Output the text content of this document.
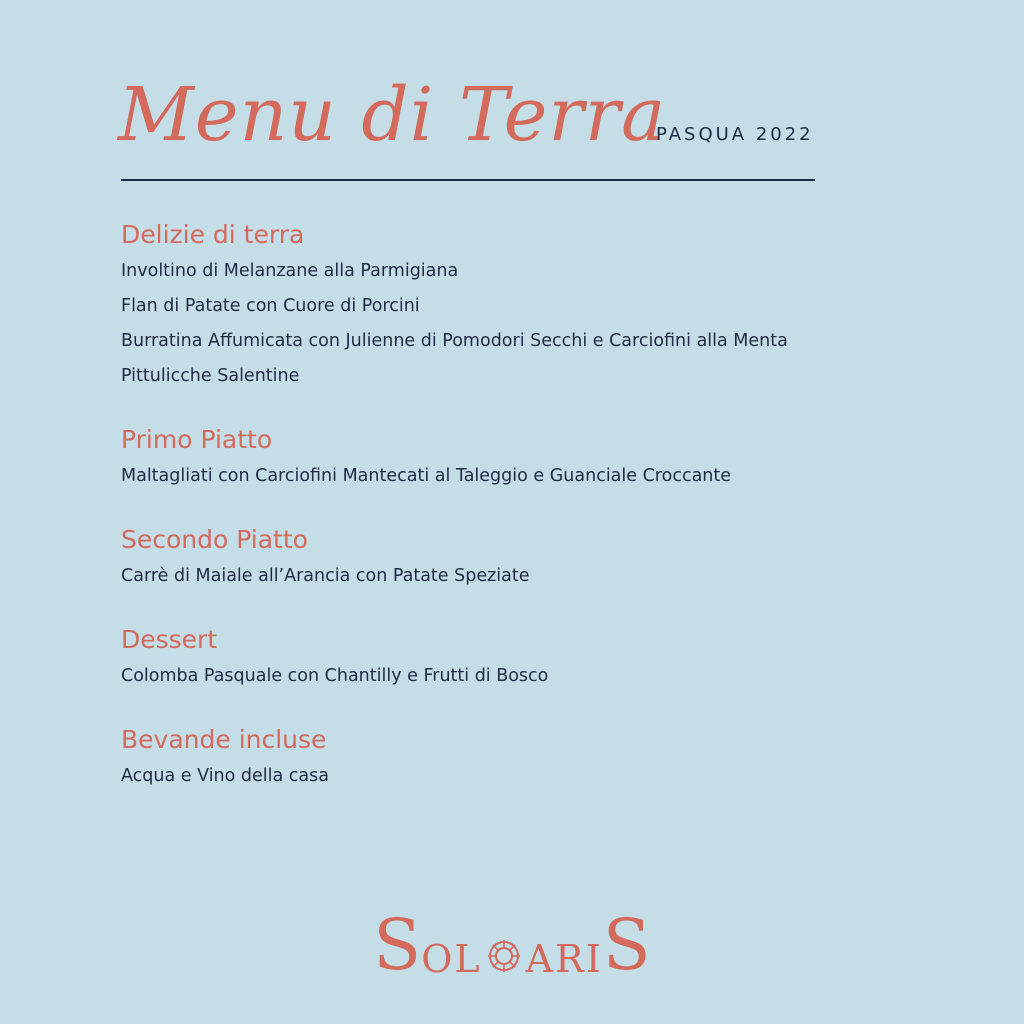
Menu di Terra
PASQUA 2022
Delizie di terra
Involtino di Melanzane alla Parmigiana
Flan di Patate con Cuore di Porcini
Burratina Affumicata con Julienne di Pomodori Secchi e Carciofini alla Menta
Pittulicche Salentine
Primo Piatto
Maltagliati con Carciofini Mantecati al Taleggio e Guanciale Croccante
Secondo Piatto
Carrè di Maiale all’Arancia con Patate Speziate
Dessert
Colomba Pasquale con Chantilly e Frutti di Bosco
Bevande incluse
Acqua e Vino della casa
S OL ARI S
